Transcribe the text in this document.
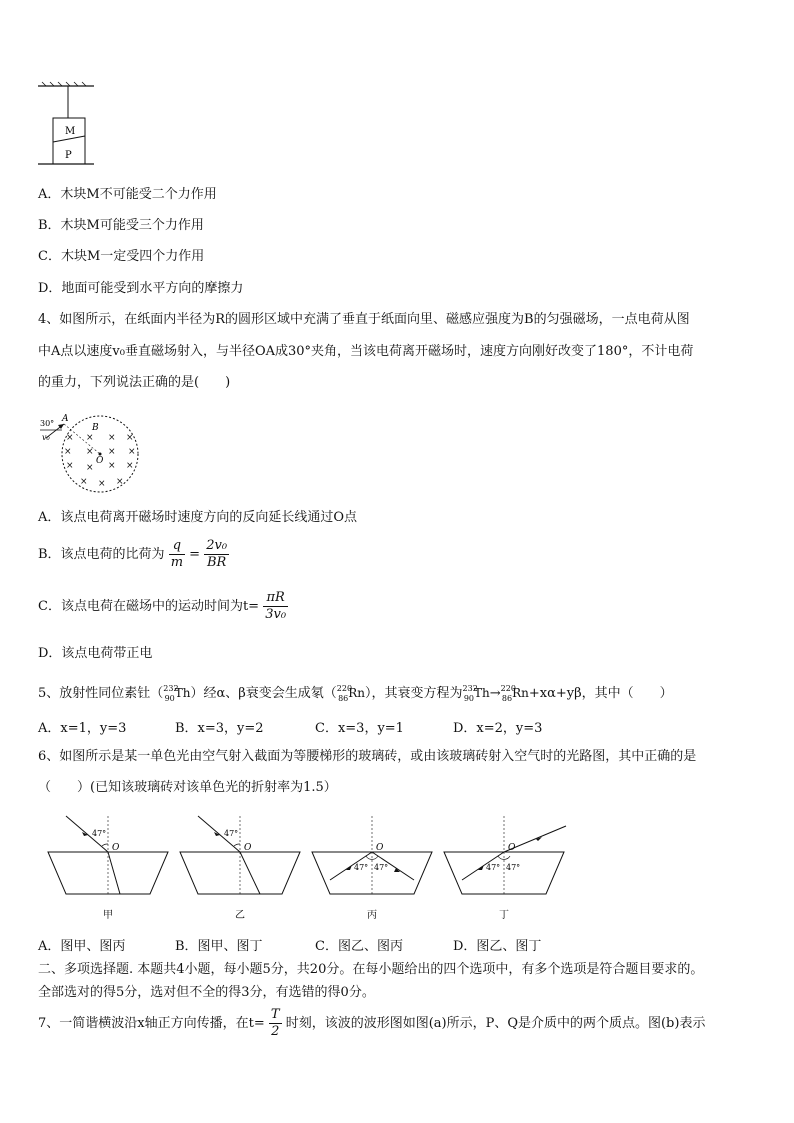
M
P
A．木块M不可能受二个力作用
B．木块M可能受三个力作用
C．木块M一定受四个力作用
D．地面可能受到水平方向的摩擦力
4、如图所示，在纸面内半径为R的圆形区域中充满了垂直于纸面向里、磁感应强度为B的匀强磁场，一点电荷从图
中A点以速度v₀垂直磁场射入，与半径OA成30°夹角，当该电荷离开磁场时，速度方向刚好改变了180°，不计电荷
的重力，下列说法正确的是(　　)
30° A
v₀
B
O
× × × ×
× × × ×
× × × ×
× × ×
A．该点电荷离开磁场时速度方向的反向延长线通过O点
B．该点电荷的比荷为 $\frac{q}{m} = \frac{\text{2v₀}}{BR}$
C．该点电荷在磁场中的运动时间为$t= \frac{\pi R}{\text{3v₀}}$
D．该点电荷带正电
5、放射性同位素钍（$^{232}_{90}$Th）经α、β衰变会生成氡（$^{220}_{86}$Rn），其衰变方程为$^{232}_{90}$Th→$^{220}_{86}$Rn+xα+yβ，其中（　　）
A．x=1，y=3	B．x=3，y=2	C．x=3，y=1	D．x=2，y=3
6、如图所示是某一单色光由空气射入截面为等腰梯形的玻璃砖，或由该玻璃砖射入空气时的光路图，其中正确的是
（　　）(已知该玻璃砖对该单色光的折射率为1.5）
47°
O
甲
47°
O
乙
47° 47°
O
丙
47° 47°
O
丁
A．图甲、图丙	B．图甲、图丁	C．图乙、图丙	D．图乙、图丁
二、多项选择题. 本题共4小题，每小题5分，共20分。在每小题给出的四个选项中，有多个选项是符合题目要求的。
全部选对的得5分，选对但不全的得3分，有选错的得0分。
7、一简谐横波沿x轴正方向传播，在$t= \frac{T}{2}$ 时刻，该波的波形图如图(a)所示，P、Q是介质中的两个质点。图(b)表示
